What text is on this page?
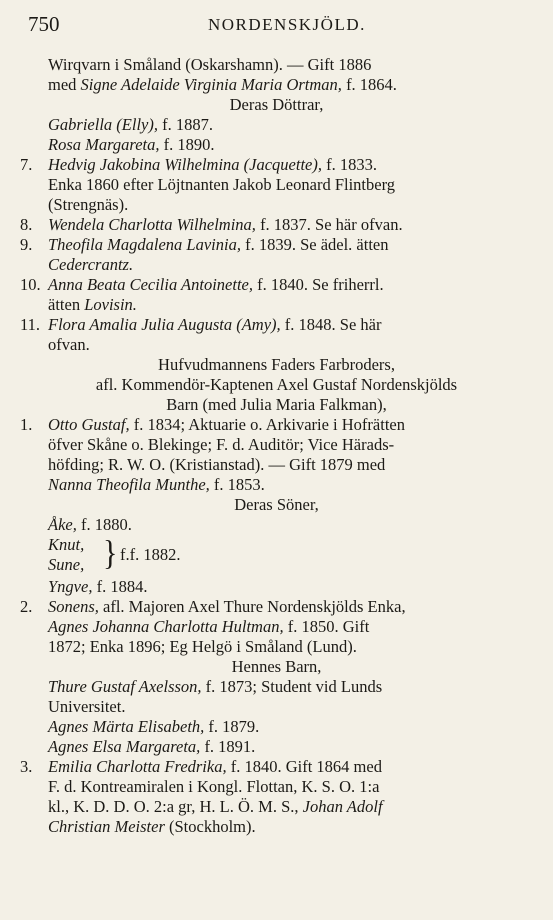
750	NORDENSKJÖLD.
Wirqvarn i Småland (Oskarshamn). — Gift 1886
med Signe Adelaide Virginia Maria Ortman, f. 1864.
Deras Döttrar,
Gabriella (Elly), f. 1887.
Rosa Margareta, f. 1890.
7. Hedvig Jakobina Wilhelmina (Jacquette), f. 1833.
Enka 1860 efter Löjtnanten Jakob Leonard Flintberg
(Strengnäs).
8. Wendela Charlotta Wilhelmina, f. 1837. Se här ofvan.
9. Theofila Magdalena Lavinia, f. 1839. Se ädel. ätten
Cedercrantz.
10. Anna Beata Cecilia Antoinette, f. 1840. Se friherrl.
ätten Lovisin.
11. Flora Amalia Julia Augusta (Amy), f. 1848. Se här
ofvan.
Hufvudmannens Faders Farbroders,
afl. Kommendör-Kaptenen Axel Gustaf Nordenskjölds
Barn (med Julia Maria Falkman),
1. Otto Gustaf, f. 1834; Aktuarie o. Arkivarie i Hofrätten
öfver Skåne o. Blekinge; F. d. Auditör; Vice Härads-
höfding; R. W. O. (Kristianstad). — Gift 1879 med
Nanna Theofila Munthe, f. 1853.
Deras Söner,
Åke, f. 1880.
Knut,
Sune, } f.f. 1882.
Yngve, f. 1884.
2. Sonens, afl. Majoren Axel Thure Nordenskjölds Enka,
Agnes Johanna Charlotta Hultman, f. 1850. Gift
1872; Enka 1896; Eg Helgö i Småland (Lund).
Hennes Barn,
Thure Gustaf Axelsson, f. 1873; Student vid Lunds
Universitet.
Agnes Märta Elisabeth, f. 1879.
Agnes Elsa Margareta, f. 1891.
3. Emilia Charlotta Fredrika, f. 1840. Gift 1864 med
F. d. Kontreamiralen i Kongl. Flottan, K. S. O. 1:a
kl., K. D. D. O. 2:a gr, H. L. Ö. M. S., Johan Adolf
Christian Meister (Stockholm).
